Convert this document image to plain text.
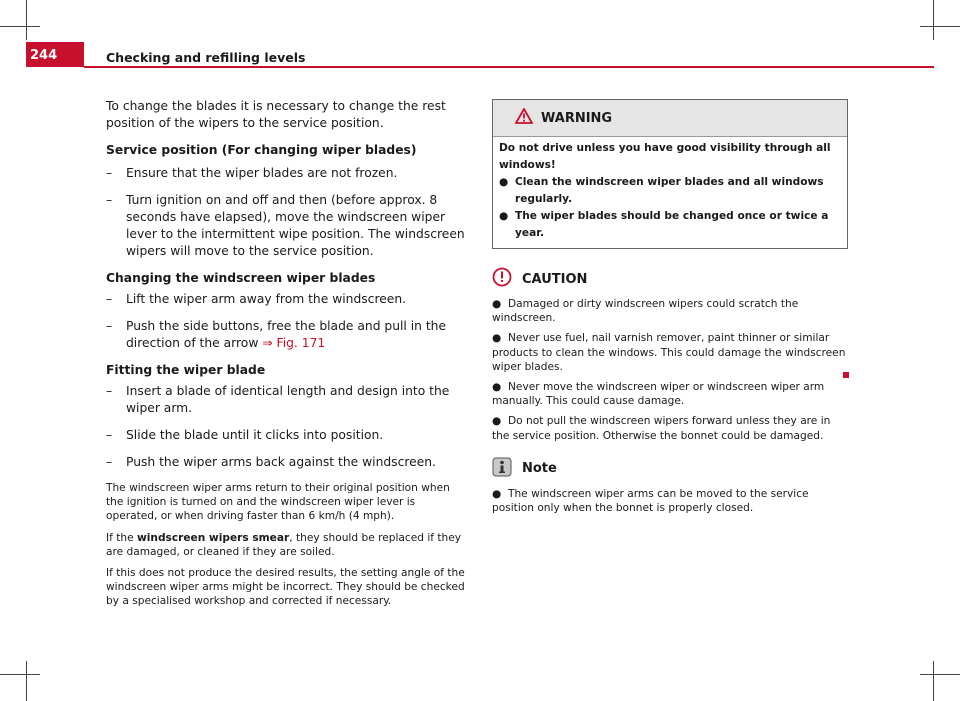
244	Checking and refilling levels

To change the blades it is necessary to change the rest position of the wipers to the service position.

Service position (For changing wiper blades)

–	Ensure that the wiper blades are not frozen.
–	Turn ignition on and off and then (before approx. 8 seconds have elapsed), move the windscreen wiper lever to the intermittent wipe position. The windscreen wipers will move to the service position.

Changing the windscreen wiper blades

–	Lift the wiper arm away from the windscreen.
–	Push the side buttons, free the blade and pull in the direction of the arrow ⇒ Fig. 171

Fitting the wiper blade

–	Insert a blade of identical length and design into the wiper arm.
–	Slide the blade until it clicks into position.
–	Push the wiper arms back against the windscreen.

The windscreen wiper arms return to their original position when the ignition is turned on and the windscreen wiper lever is operated, or when driving faster than 6 km/h (4 mph).

If the windscreen wipers smear, they should be replaced if they are damaged, or cleaned if they are soiled.

If this does not produce the desired results, the setting angle of the windscreen wiper arms might be incorrect. They should be checked by a specialised workshop and corrected if necessary.

WARNING
Do not drive unless you have good visibility through all windows!
● Clean the windscreen wiper blades and all windows regularly.
● The wiper blades should be changed once or twice a year.
CAUTION
● Damaged or dirty windscreen wipers could scratch the windscreen.
● Never use fuel, nail varnish remover, paint thinner or similar products to clean the windows. This could damage the windscreen wiper blades.
● Never move the windscreen wiper or windscreen wiper arm manually. This could cause damage.
● Do not pull the windscreen wipers forward unless they are in the service position. Otherwise the bonnet could be damaged.
Note
● The windscreen wiper arms can be moved to the service position only when the bonnet is properly closed.
